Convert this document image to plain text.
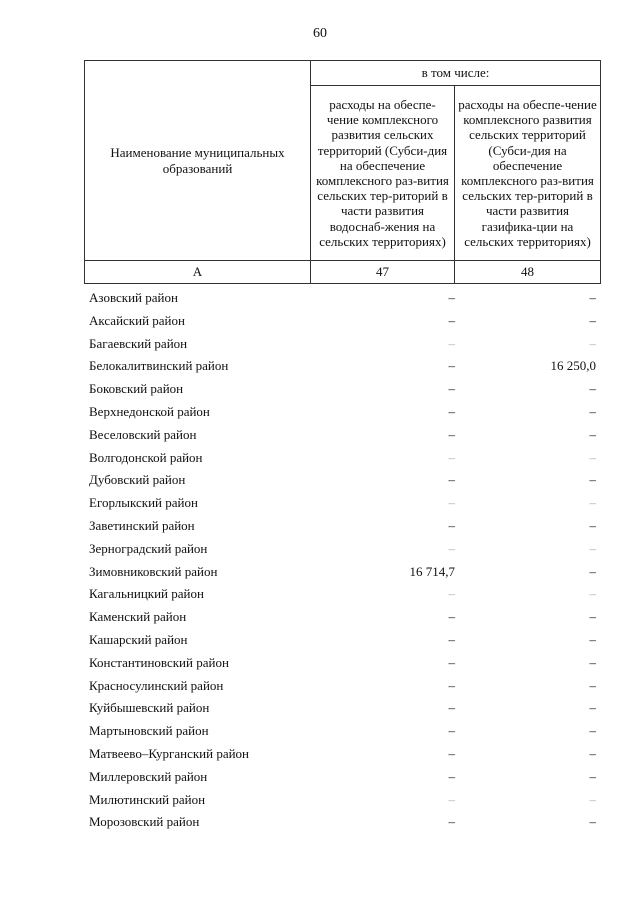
60
Наименование муниципальных образований	в том числе:	

	расходы на обеспе-чение комплексного развития сельских территорий (Субси-дия на обеспечение комплексного раз-вития сельских тер-риторий в части развития водоснаб-жения на сельских территориях)	расходы на обеспе-чение комплексного развития сельских территорий (Субси-дия на обеспечение комплексного раз-вития сельских тер-риторий в части развития газифика-ции на сельских территориях)

А	47	48
Азовский район	–	–
Аксайский район	–	–
Багаевский район	–	–
Белокалитвинский район	–	16 250,0
Боковский район	–	–
Верхнедонской район	–	–
Веселовский район	–	–
Волгодонской район	–	–
Дубовский район	–	–
Егорлыкский район	–	–
Заветинский район	–	–
Зерноградский район	–	–
Зимовниковский район	16 714,7	–
Кагальницкий район	–	–
Каменский район	–	–
Кашарский район	–	–
Константиновский район	–	–
Красносулинский район	–	–
Куйбышевский район	–	–
Мартыновский район	–	–
Матвеево–Курганский район	–	–
Миллеровский район	–	–
Милютинский район	–	–
Морозовский район	–	–
